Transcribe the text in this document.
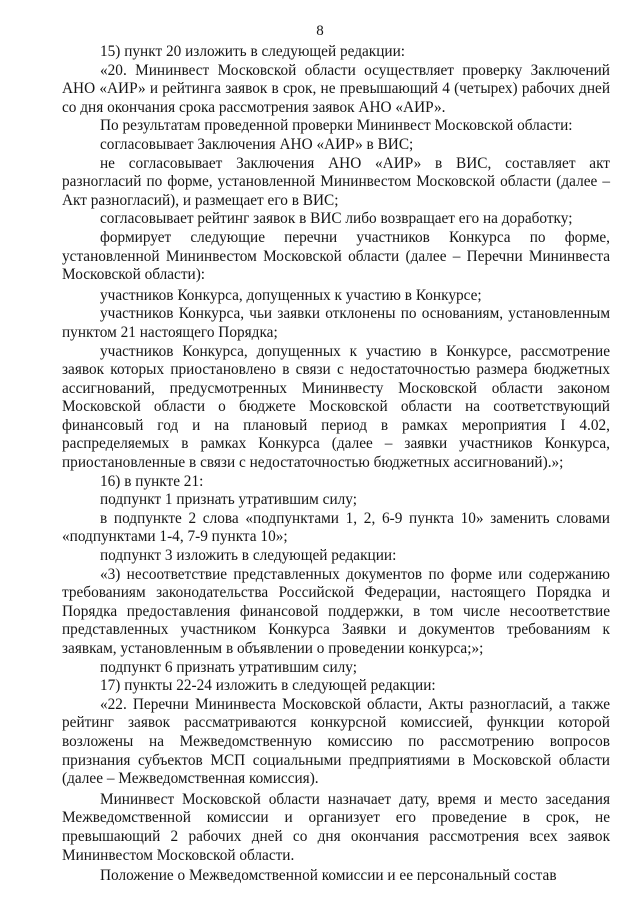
8

15) пункт 20 изложить в следующей редакции:

«20. Мининвест Московской области осуществляет проверку Заключений АНО «АИР» и рейтинга заявок в срок, не превышающий 4 (четырех) рабочих дней со дня окончания срока рассмотрения заявок АНО «АИР».

По результатам проведенной проверки Мининвест Московской области:

согласовывает Заключения АНО «АИР» в ВИС;

не согласовывает Заключения АНО «АИР» в ВИС, составляет акт разногласий по форме, установленной Мининвестом Московской области (далее – Акт разногласий), и размещает его в ВИС;

согласовывает рейтинг заявок в ВИС либо возвращает его на доработку;

формирует следующие перечни участников Конкурса по форме, установленной Мининвестом Московской области (далее – Перечни Мининвеста Московской области):

участников Конкурса, допущенных к участию в Конкурсе;

участников Конкурса, чьи заявки отклонены по основаниям, установленным пунктом 21 настоящего Порядка;

участников Конкурса, допущенных к участию в Конкурсе, рассмотрение заявок которых приостановлено в связи с недостаточностью размера бюджетных ассигнований, предусмотренных Мининвесту Московской области законом Московской области о бюджете Московской области на соответствующий финансовый год и на плановый период в рамках мероприятия I 4.02, распределяемых в рамках Конкурса (далее – заявки участников Конкурса, приостановленные в связи с недостаточностью бюджетных ассигнований).»;

16) в пункте 21:

подпункт 1 признать утратившим силу;

в подпункте 2 слова «подпунктами 1, 2, 6-9 пункта 10» заменить словами «подпунктами 1-4, 7-9 пункта 10»;

подпункт 3 изложить в следующей редакции:

«3) несоответствие представленных документов по форме или содержанию требованиям законодательства Российской Федерации, настоящего Порядка и Порядка предоставления финансовой поддержки, в том числе несоответствие представленных участником Конкурса Заявки и документов требованиям к заявкам, установленным в объявлении о проведении конкурса;»;

подпункт 6 признать утратившим силу;

17) пункты 22-24 изложить в следующей редакции:

«22. Перечни Мининвеста Московской области, Акты разногласий, а также рейтинг заявок рассматриваются конкурсной комиссией, функции которой возложены на Межведомственную комиссию по рассмотрению вопросов признания субъектов МСП социальными предприятиями в Московской области (далее – Межведомственная комиссия).

Мининвест Московской области назначает дату, время и место заседания Межведомственной комиссии и организует его проведение в срок, не превышающий 2 рабочих дней со дня окончания рассмотрения всех заявок Мининвестом Московской области.

Положение о Межведомственной комиссии и ее персональный состав
